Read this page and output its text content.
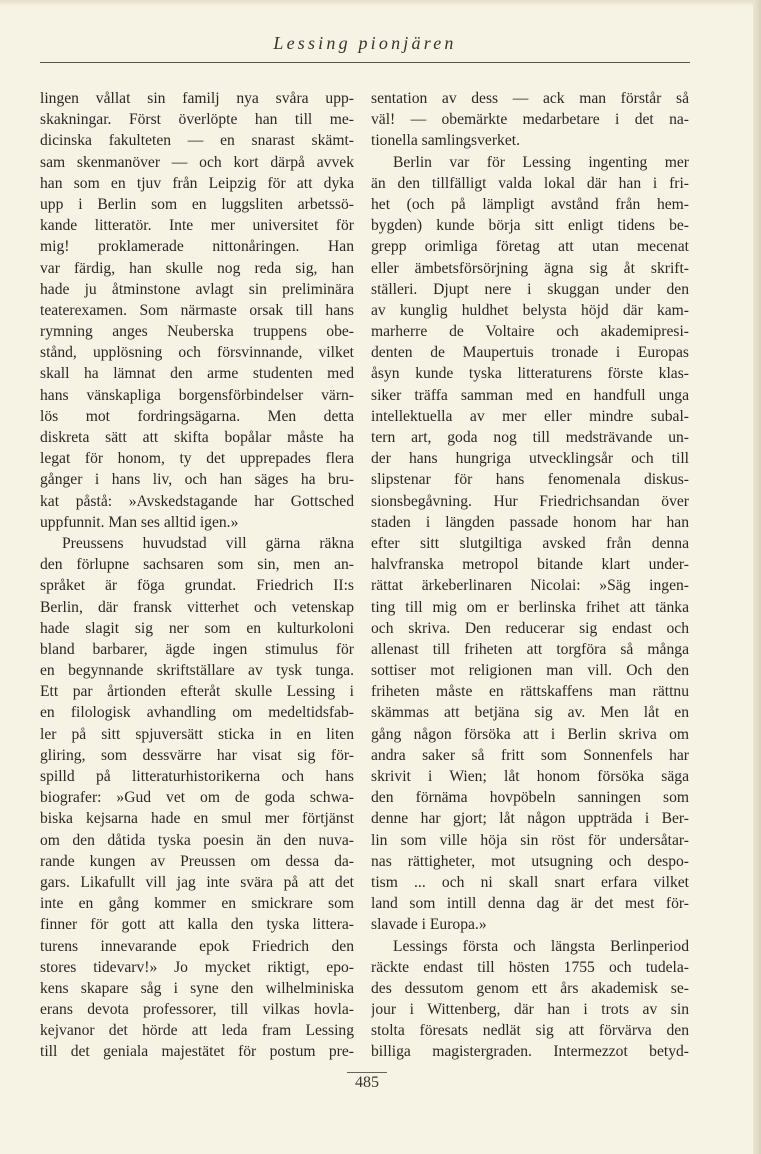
Lessing pionjären
lingen vållat sin familj nya svåra upp-
skakningar. Först överlöpte han till me-
dicinska fakulteten — en snarast skämt-
sam skenmanöver — och kort därpå avvek
han som en tjuv från Leipzig för att dyka
upp i Berlin som en luggsliten arbetssö-
kande litteratör. Inte mer universitet för
mig! proklamerade nittonåringen. Han
var färdig, han skulle nog reda sig, han
hade ju åtminstone avlagt sin preliminära
teaterexamen. Som närmaste orsak till hans
rymning anges Neuberska truppens obe-
stånd, upplösning och försvinnande, vilket
skall ha lämnat den arme studenten med
hans vänskapliga borgensförbindelser värn-
lös mot fordringsägarna. Men detta
diskreta sätt att skifta bopålar måste ha
legat för honom, ty det upprepades flera
gånger i hans liv, och han säges ha bru-
kat påstå: »Avskedstagande har Gottsched
uppfunnit. Man ses alltid igen.»
Preussens huvudstad vill gärna räkna
den förlupne sachsaren som sin, men an-
språket är föga grundat. Friedrich II:s
Berlin, där fransk vitterhet och vetenskap
hade slagit sig ner som en kulturkoloni
bland barbarer, ägde ingen stimulus för
en begynnande skriftställare av tysk tunga.
Ett par årtionden efteråt skulle Lessing i
en filologisk avhandling om medeltidsfab-
ler på sitt spjuversätt sticka in en liten
gliring, som dessvärre har visat sig för-
spilld på litteraturhistorikerna och hans
biografer: »Gud vet om de goda schwa-
biska kejsarna hade en smul mer förtjänst
om den dåtida tyska poesin än den nuva-
rande kungen av Preussen om dessa da-
gars. Likafullt vill jag inte svära på att det
inte en gång kommer en smickrare som
finner för gott att kalla den tyska littera-
turens innevarande epok Friedrich den
stores tidevarv!» Jo mycket riktigt, epo-
kens skapare såg i syne den wilhelminiska
erans devota professorer, till vilkas hovla-
kejvanor det hörde att leda fram Lessing
till det geniala majestätet för postum pre-
sentation av dess — ack man förstår så
väl! — obemärkte medarbetare i det na-
tionella samlingsverket.
Berlin var för Lessing ingenting mer
än den tillfälligt valda lokal där han i fri-
het (och på lämpligt avstånd från hem-
bygden) kunde börja sitt enligt tidens be-
grepp orimliga företag att utan mecenat
eller ämbetsförsörjning ägna sig åt skrift-
ställeri. Djupt nere i skuggan under den
av kunglig huldhet belysta höjd där kam-
marherre de Voltaire och akademipresi-
denten de Maupertuis tronade i Europas
åsyn kunde tyska litteraturens förste klas-
siker träffa samman med en handfull unga
intellektuella av mer eller mindre subal-
tern art, goda nog till medsträvande un-
der hans hungriga utvecklingsår och till
slipstenar för hans fenomenala diskus-
sionsbegåvning. Hur Friedrichsandan över
staden i längden passade honom har han
efter sitt slutgiltiga avsked från denna
halvfranska metropol bitande klart under-
rättat ärkeberlinaren Nicolai: »Säg ingen-
ting till mig om er berlinska frihet att tänka
och skriva. Den reducerar sig endast och
allenast till friheten att torgföra så många
sottiser mot religionen man vill. Och den
friheten måste en rättskaffens man rättnu
skämmas att betjäna sig av. Men låt en
gång någon försöka att i Berlin skriva om
andra saker så fritt som Sonnenfels har
skrivit i Wien; låt honom försöka säga
den förnäma hovpöbeln sanningen som
denne har gjort; låt någon uppträda i Ber-
lin som ville höja sin röst för undersåtar-
nas rättigheter, mot utsugning och despo-
tism ... och ni skall snart erfara vilket
land som intill denna dag är det mest för-
slavade i Europa.»
Lessings första och längsta Berlinperiod
räckte endast till hösten 1755 och tudela-
des dessutom genom ett års akademisk se-
jour i Wittenberg, där han i trots av sin
stolta föresats nedlät sig att förvärva den
billiga magistergraden. Intermezzot betyd-
485
